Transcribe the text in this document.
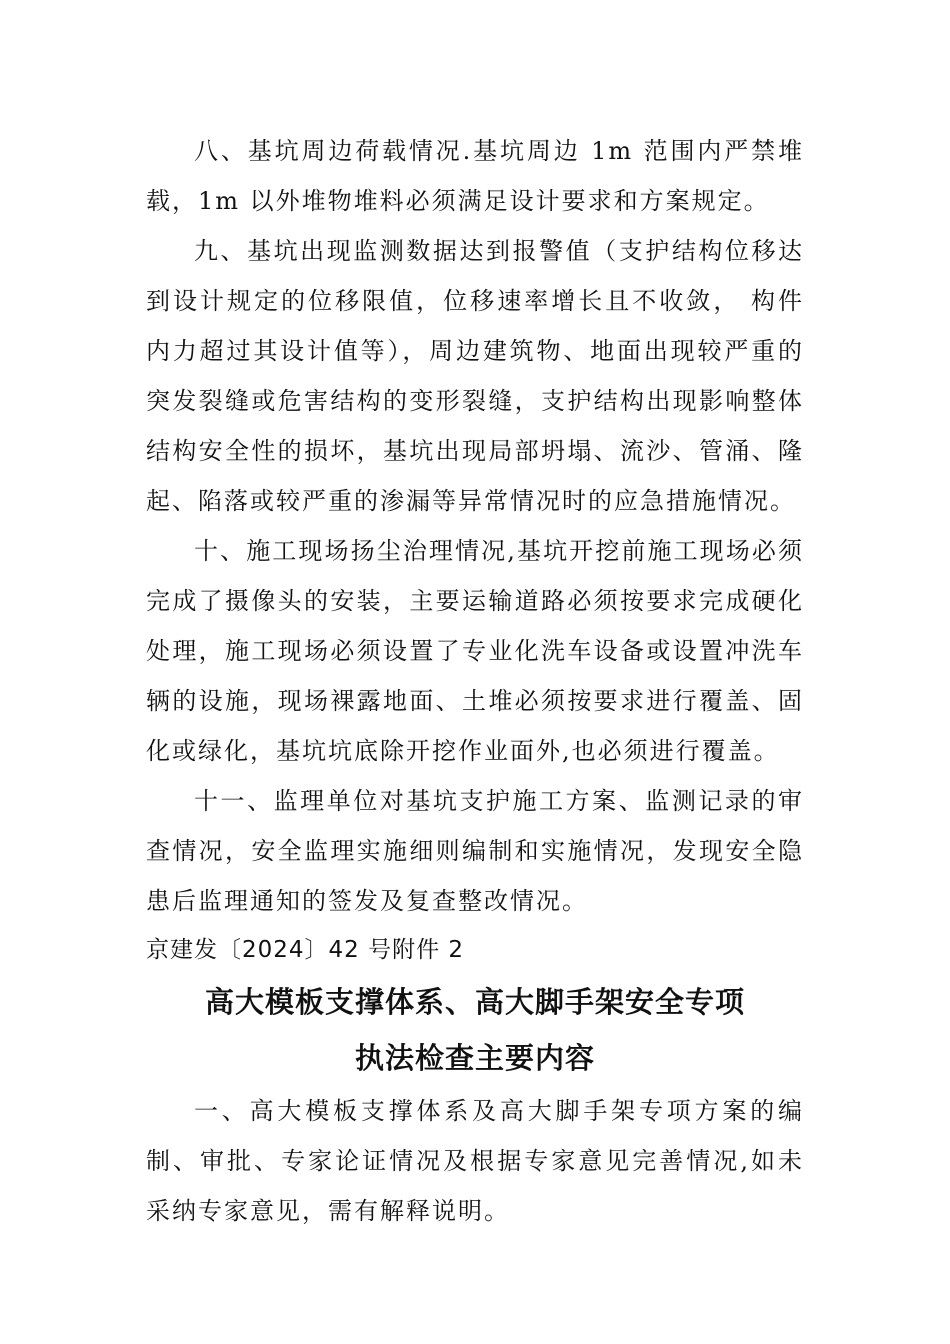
八、基坑周边荷载情况.基坑周边 1m 范围内严禁堆载，1m 以外堆物堆料必须满足设计要求和方案规定。

九、基坑出现监测数据达到报警值（支护结构位移达到设计规定的位移限值，位移速率增长且不收敛， 构件内力超过其设计值等），周边建筑物、地面出现较严重的突发裂缝或危害结构的变形裂缝，支护结构出现影响整体结构安全性的损坏，基坑出现局部坍塌、流沙、管涌、隆起、陷落或较严重的渗漏等异常情况时的应急措施情况。

十、施工现场扬尘治理情况,基坑开挖前施工现场必须完成了摄像头的安装，主要运输道路必须按要求完成硬化处理，施工现场必须设置了专业化洗车设备或设置冲洗车辆的设施，现场裸露地面、土堆必须按要求进行覆盖、固化或绿化，基坑坑底除开挖作业面外,也必须进行覆盖。

十一、监理单位对基坑支护施工方案、监测记录的审查情况，安全监理实施细则编制和实施情况，发现安全隐患后监理通知的签发及复查整改情况。

京建发〔2024〕42 号附件 2

高大模板支撑体系、高大脚手架安全专项
执法检查主要内容

一、高大模板支撑体系及高大脚手架专项方案的编制、审批、专家论证情况及根据专家意见完善情况,如未采纳专家意见，需有解释说明。
